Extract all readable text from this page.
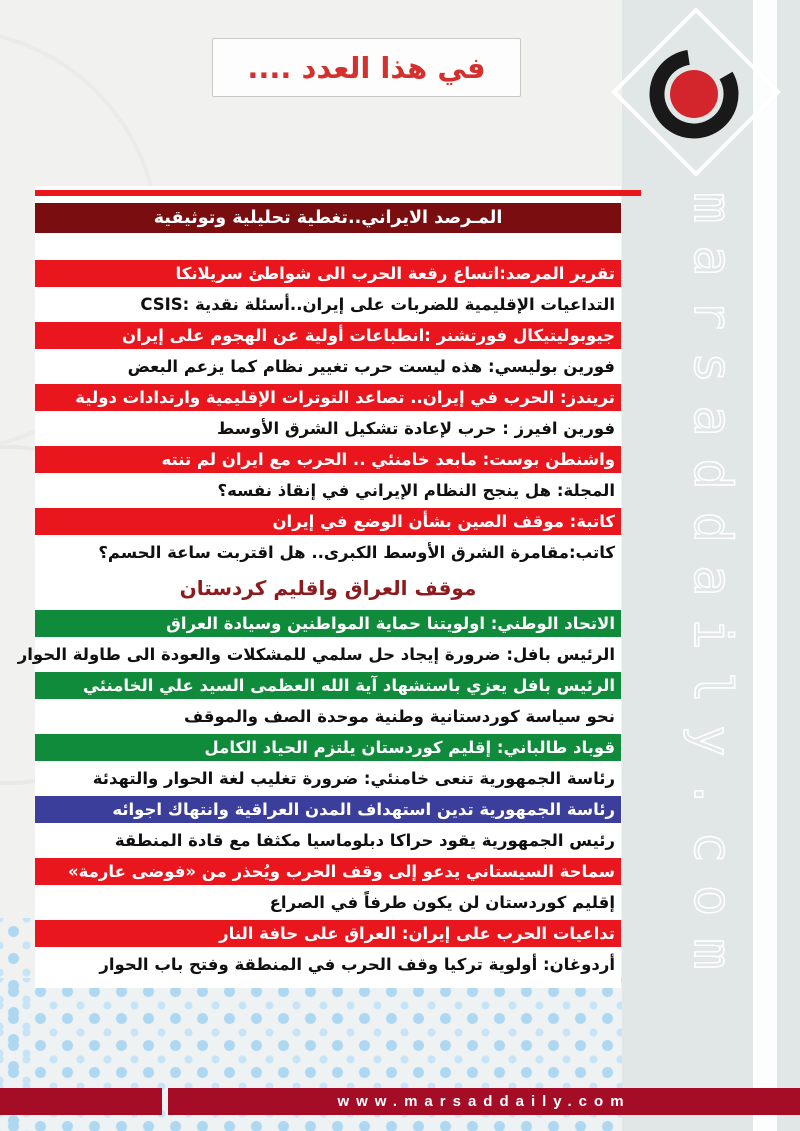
marsaddaily.com
في هذا العدد ....
المـرصد الايراني..تغطية تحليلية وتوثيقية
تقرير المرصد:اتساع رقعة الحرب الى شواطئ سريلانكا
CSIS: التداعيات الإقليمية للضربات على إيران..أسئلة نقدية
جيوبوليتيكال فورتشنر :انطباعات أولية عن الهجوم على إيران
فورين بوليسي: هذه ليست حرب تغيير نظام كما يزعم البعض
تريندز: الحرب في إيران.. تصاعد التوترات الإقليمية وارتدادات دولية
فورين افيرز : حرب لإعادة تشكيل الشرق الأوسط
واشنطن بوست: مابعد خامنئي .. الحرب مع ايران لم تنته
المجلة: هل ينجح النظام الإيراني في إنقاذ نفسه؟
كاتبة: موقف الصين بشأن الوضع في إيران
كاتب:مقامرة الشرق الأوسط الكبرى.. هل اقتربت ساعة الحسم؟
موقف العراق واقليم كردستان
الاتحاد الوطني: اولويتنا حماية المواطنين وسيادة العراق
الرئيس بافل: ضرورة إيجاد حل سلمي للمشكلات والعودة الى طاولة الحوار
الرئيس بافل يعزي باستشهاد آية الله العظمى السيد علي الخامنئي
نحو سياسة كوردستانية وطنية موحدة الصف والموقف
قوباد طالباني: إقليم كوردستان يلتزم الحياد الكامل
رئاسة الجمهورية تنعى خامنئي: ضرورة تغليب لغة الحوار والتهدئة
رئاسة الجمهورية تدين استهداف المدن العراقية وانتهاك اجوائه
رئيس الجمهورية يقود حراكا دبلوماسيا مكثفا مع قادة المنطقة
سماحة السيستاني يدعو إلى وقف الحرب ويُحذر من «فوضى عارمة»
إقليم كوردستان لن يكون طرفاً في الصراع
تداعيات الحرب على إيران: العراق على حافة النار
أردوغان: أولوية تركيا وقف الحرب في المنطقة وفتح باب الحوار
www.marsaddaily.com
